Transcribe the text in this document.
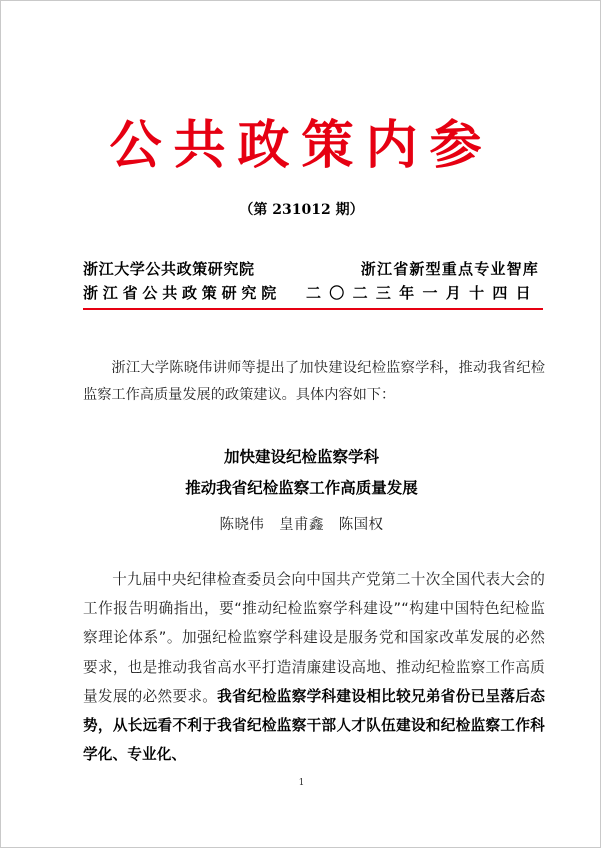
公共政策内参
（第 231012 期）
浙江大学公共政策研究院	浙江省新型重点专业智库
浙江省公共政策研究院 二〇二三年一月十四日
浙江大学陈晓伟讲师等提出了加快建设纪检监察学科，推动我省纪检监察工作高质量发展的政策建议。具体内容如下：
加快建设纪检监察学科
推动我省纪检监察工作高质量发展
陈晓伟　皇甫鑫　陈国权
十九届中央纪律检查委员会向中国共产党第二十次全国代表大会的工作报告明确指出，要“推动纪检监察学科建设”“构建中国特色纪检监察理论体系”。加强纪检监察学科建设是服务党和国家改革发展的必然要求，也是推动我省高水平打造清廉建设高地、推动纪检监察工作高质量发展的必然要求。我省纪检监察学科建设相比较兄弟省份已呈落后态势，从长远看不利于我省纪检监察干部人才队伍建设和纪检监察工作科学化、专业化、
1
